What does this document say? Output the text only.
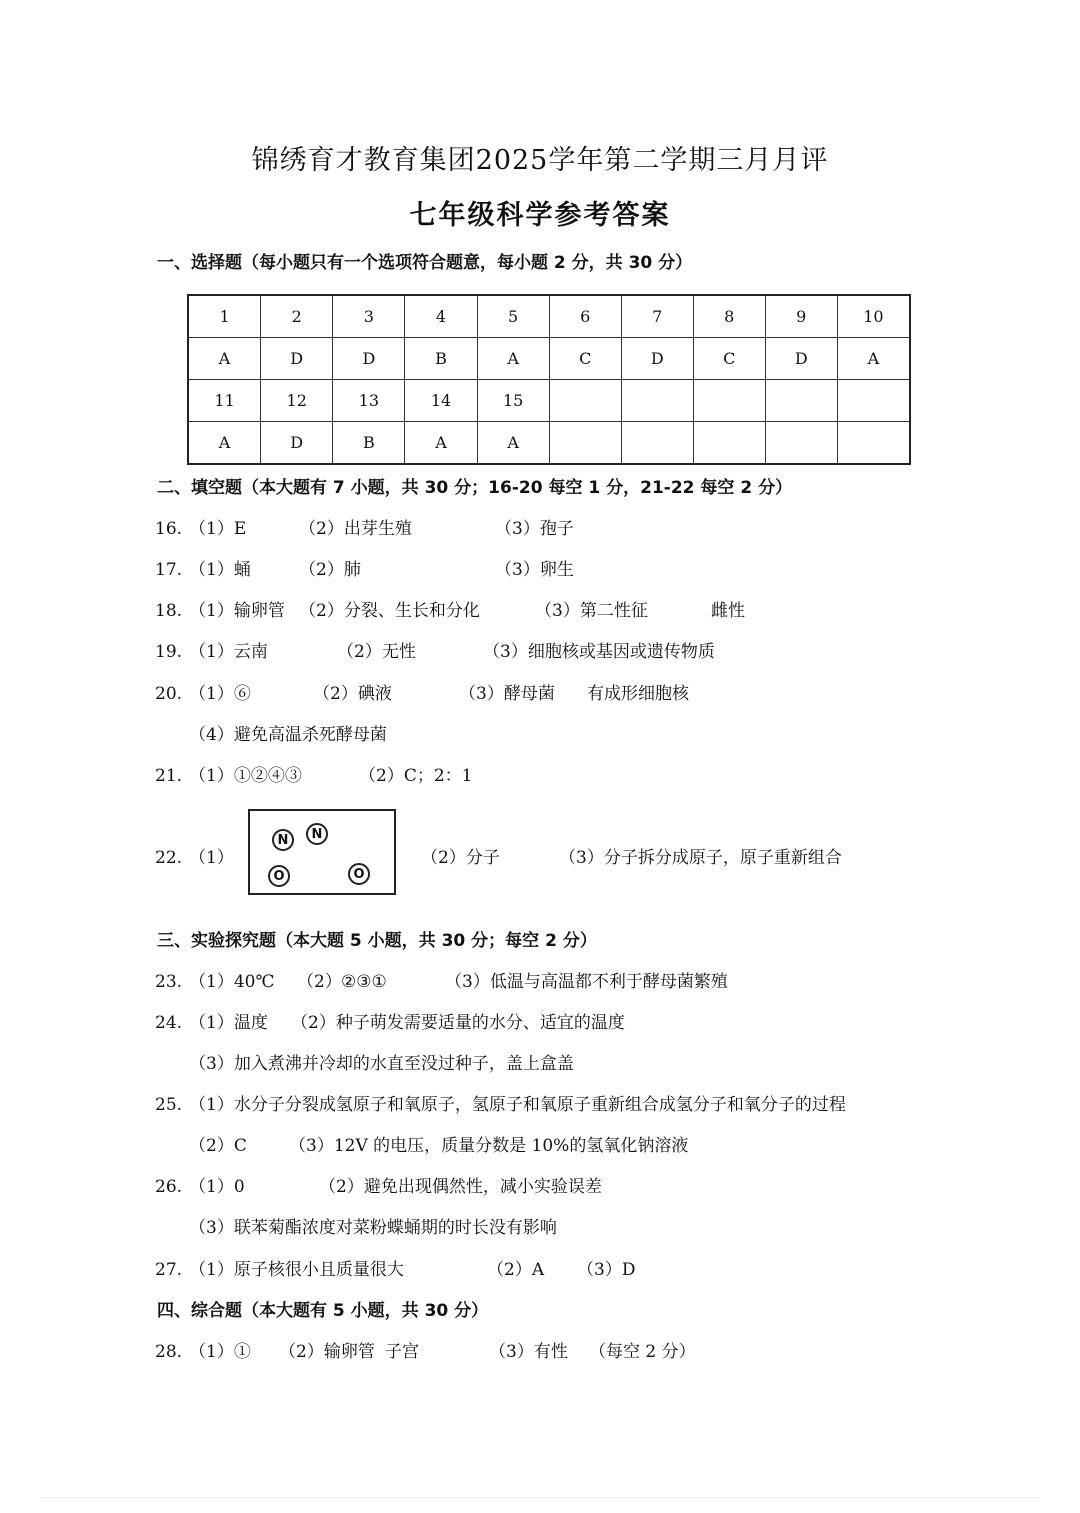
锦绣育才教育集团2025学年第二学期三月月评
七年级科学参考答案
一、选择题（每小题只有一个选项符合题意，每小题 2 分，共 30 分）
1	2	3	4	5	6	7	8	9	10
A	D	D	B	A	C	D	C	D	A
11	12	13	14	15					
A	D	B	A	A					
二、填空题（本大题有 7 小题，共 30 分；16-20 每空 1 分，21-22 每空 2 分）
16. （1）E	（2）出芽生殖	（3）孢子
17. （1）蛹	（2）肺	（3）卵生
18. （1）输卵管 （2）分裂、生长和分化	（3）第二性征	雌性
19. （1）云南	（2）无性	（3）细胞核或基因或遗传物质
20. （1）⑥	（2）碘液	（3）酵母菌	有成形细胞核
（4）避免高温杀死酵母菌
21. （1）①②④③	（2）C；2：1
22. （1）	（2）分子	（3）分子拆分成原子，原子重新组合
N	N
O	O
三、实验探究题（本大题 5 小题，共 30 分；每空 2 分）
23. （1）40℃	（2） ②③①	（3）低温与高温都不利于酵母菌繁殖
24. （1）温度	（2）种子萌发需要适量的水分、适宜的温度
（3）加入煮沸并冷却的水直至没过种子，盖上盒盖
25. （1）水分子分裂成氢原子和氧原子，氢原子和氧原子重新组合成氢分子和氧分子的过程
（2）C	（3）12V 的电压，质量分数是 10%的氢氧化钠溶液
26. （1）0	（2）避免出现偶然性，减小实验误差
（3）联苯菊酯浓度对菜粉蝶蛹期的时长没有影响
27. （1）原子核很小且质量很大	（2）A	（3）D
四、综合题（本大题有 5 小题，共 30 分）
28. （1）①	（2）输卵管 子宫	（3）有性	（每空 2 分）
